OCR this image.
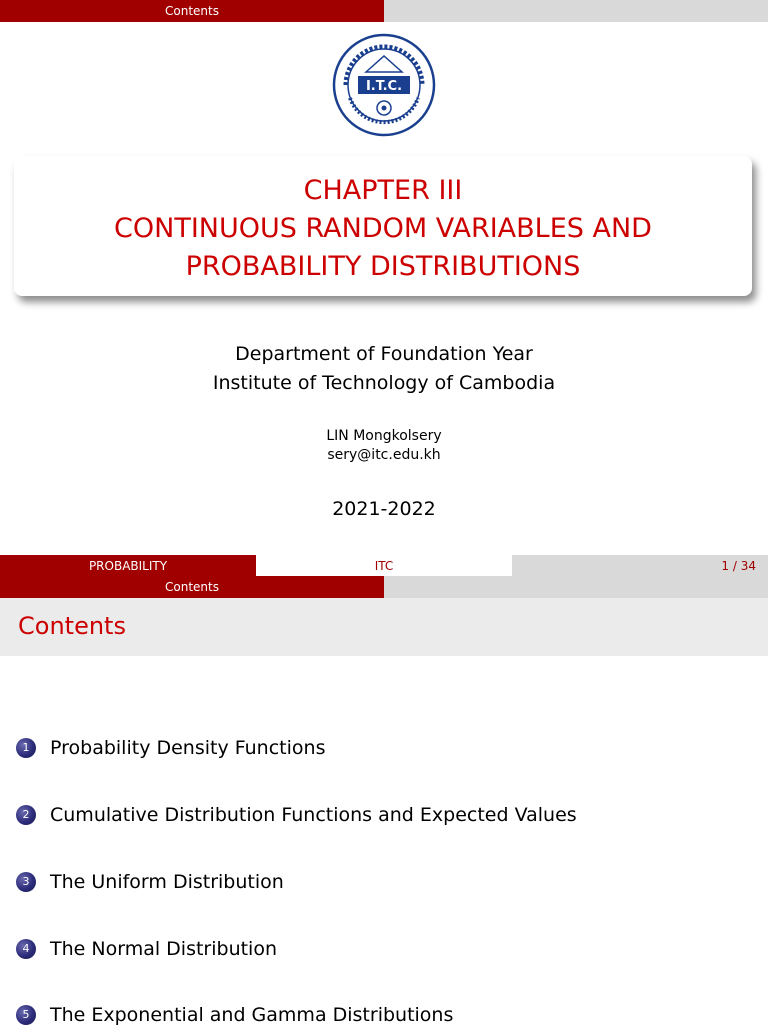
Contents
I.T.C.
CHAPTER III
CONTINUOUS RANDOM VARIABLES AND
PROBABILITY DISTRIBUTIONS
Department of Foundation Year
Institute of Technology of Cambodia
LIN Mongkolsery
sery@itc.edu.kh
2021-2022
PROBABILITY	ITC	1 / 34
Contents
Contents
1	Probability Density Functions
2	Cumulative Distribution Functions and Expected Values
3	The Uniform Distribution
4	The Normal Distribution
5	The Exponential and Gamma Distributions
